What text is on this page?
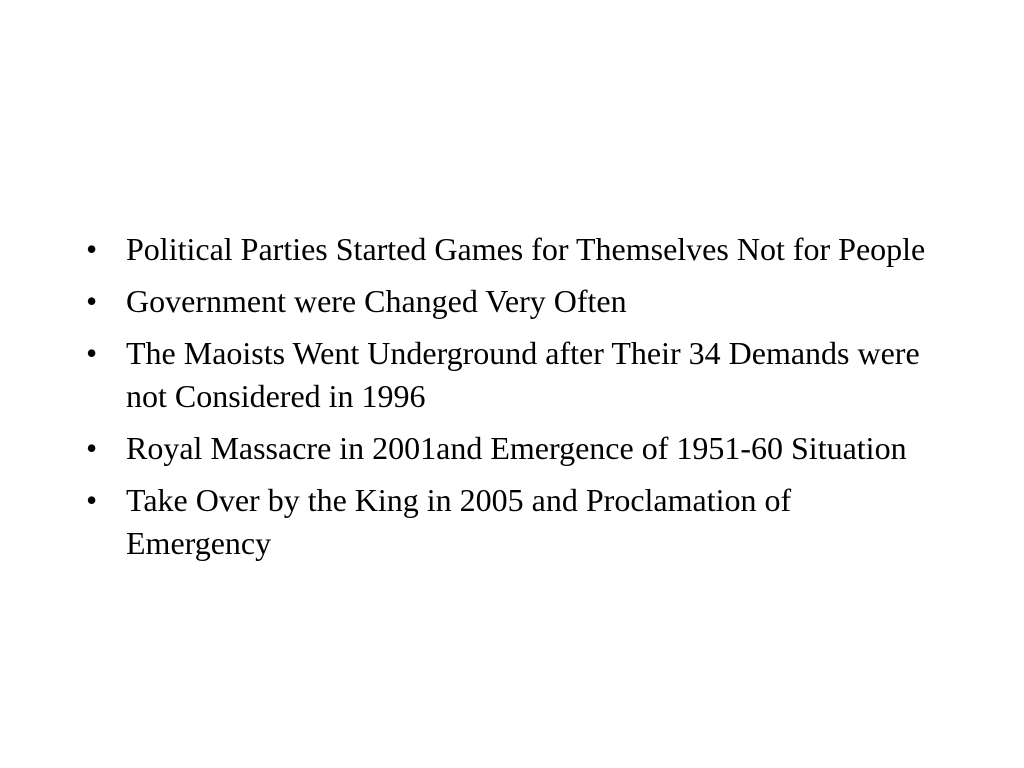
• Political Parties Started Games for Themselves Not for People
• Government were Changed Very Often
• The Maoists Went Underground after Their 34 Demands were not Considered in 1996
• Royal Massacre in 2001and Emergence of 1951-60 Situation
• Take Over by the King in 2005 and Proclamation of Emergency
